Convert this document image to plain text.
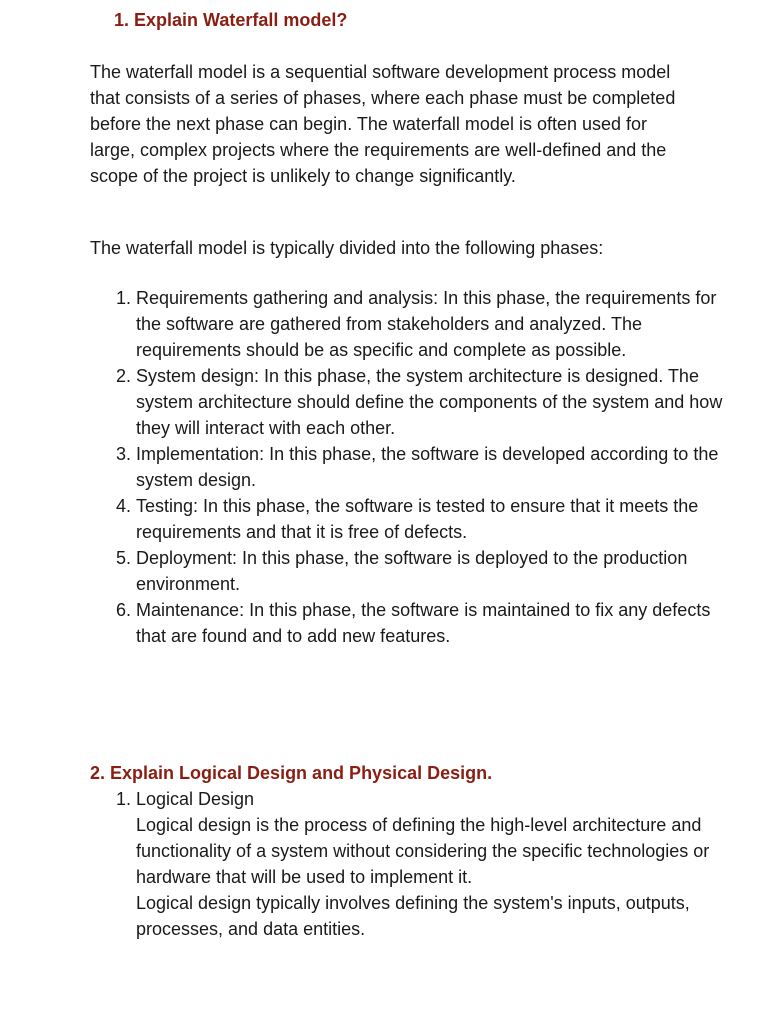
1. Explain Waterfall model?

The waterfall model is a sequential software development process model that consists of a series of phases, where each phase must be completed before the next phase can begin. The waterfall model is often used for large, complex projects where the requirements are well-defined and the scope of the project is unlikely to change significantly.

The waterfall model is typically divided into the following phases:

1. Requirements gathering and analysis: In this phase, the requirements for the software are gathered from stakeholders and analyzed. The requirements should be as specific and complete as possible.
2. System design: In this phase, the system architecture is designed. The system architecture should define the components of the system and how they will interact with each other.
3. Implementation: In this phase, the software is developed according to the system design.
4. Testing: In this phase, the software is tested to ensure that it meets the requirements and that it is free of defects.
5. Deployment: In this phase, the software is deployed to the production environment.
6. Maintenance: In this phase, the software is maintained to fix any defects that are found and to add new features.
2. Explain Logical Design and Physical Design.
1. Logical Design
Logical design is the process of defining the high-level architecture and functionality of a system without considering the specific technologies or hardware that will be used to implement it.
Logical design typically involves defining the system's inputs, outputs, processes, and data entities.
